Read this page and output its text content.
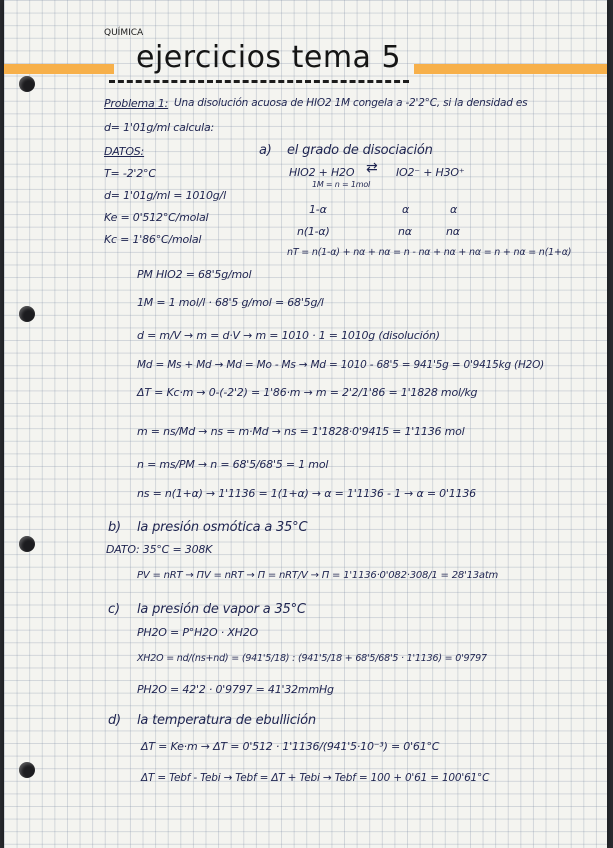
QUÍMICA
ejercicios tema 5
Problema 1: Una disolución acuosa de HIO2 1M congela a -2'2°C, si la densidad es
d= 1'01g/ml calcula:
DATOS:
T= -2'2°C
d= 1'01g/ml = 1010g/l
Ke = 0'512°C/molal
Kc = 1'86°C/molal
a) el grado de disociación
HIO2 + H2O ⇄ IO2⁻ + H3O⁺
1M = n = 1mol
1-α	α	α
n(1-α)	nα	nα
nT = n(1-α) + nα + nα = n - nα + nα + nα = n + nα = n(1+α)
PM HIO2 = 68'5g/mol
1M = 1 mol/l · 68'5 g/mol = 68'5g/l
d = m/V → m = d·V → m = 1010 · 1 = 1010g (disolución)
Md = Ms + Md → Md = Mo - Ms → Md = 1010 - 68'5 = 941'5g = 0'9415kg (H2O)
ΔT = Kc·m → 0-(-2'2) = 1'86·m → m = 2'2/1'86 = 1'1828 mol/kg
m = ns/Md → ns = m·Md → ns = 1'1828·0'9415 = 1'1136 mol
n = ms/PM → n = 68'5/68'5 = 1 mol
ns = n(1+α) → 1'1136 = 1(1+α) → α = 1'1136 - 1 → α = 0'1136
b) la presión osmótica a 35°C
DATO: 35°C = 308K
PV = nRT → ΠV = nRT → Π = nRT/V → Π = 1'1136·0'082·308/1 = 28'13atm
c) la presión de vapor a 35°C
PH2O = P°H2O · XH2O
XH2O = nd/(ns+nd) = (941'5/18) : (941'5/18 + 68'5/68'5 · 1'1136) = 0'9797
PH2O = 42'2 · 0'9797 = 41'32mmHg
d) la temperatura de ebullición
ΔT = Ke·m → ΔT = 0'512 · 1'1136/(941'5·10⁻³) = 0'61°C
ΔT = Tebf - Tebi → Tebf = ΔT + Tebi → Tebf = 100 + 0'61 = 100'61°C
